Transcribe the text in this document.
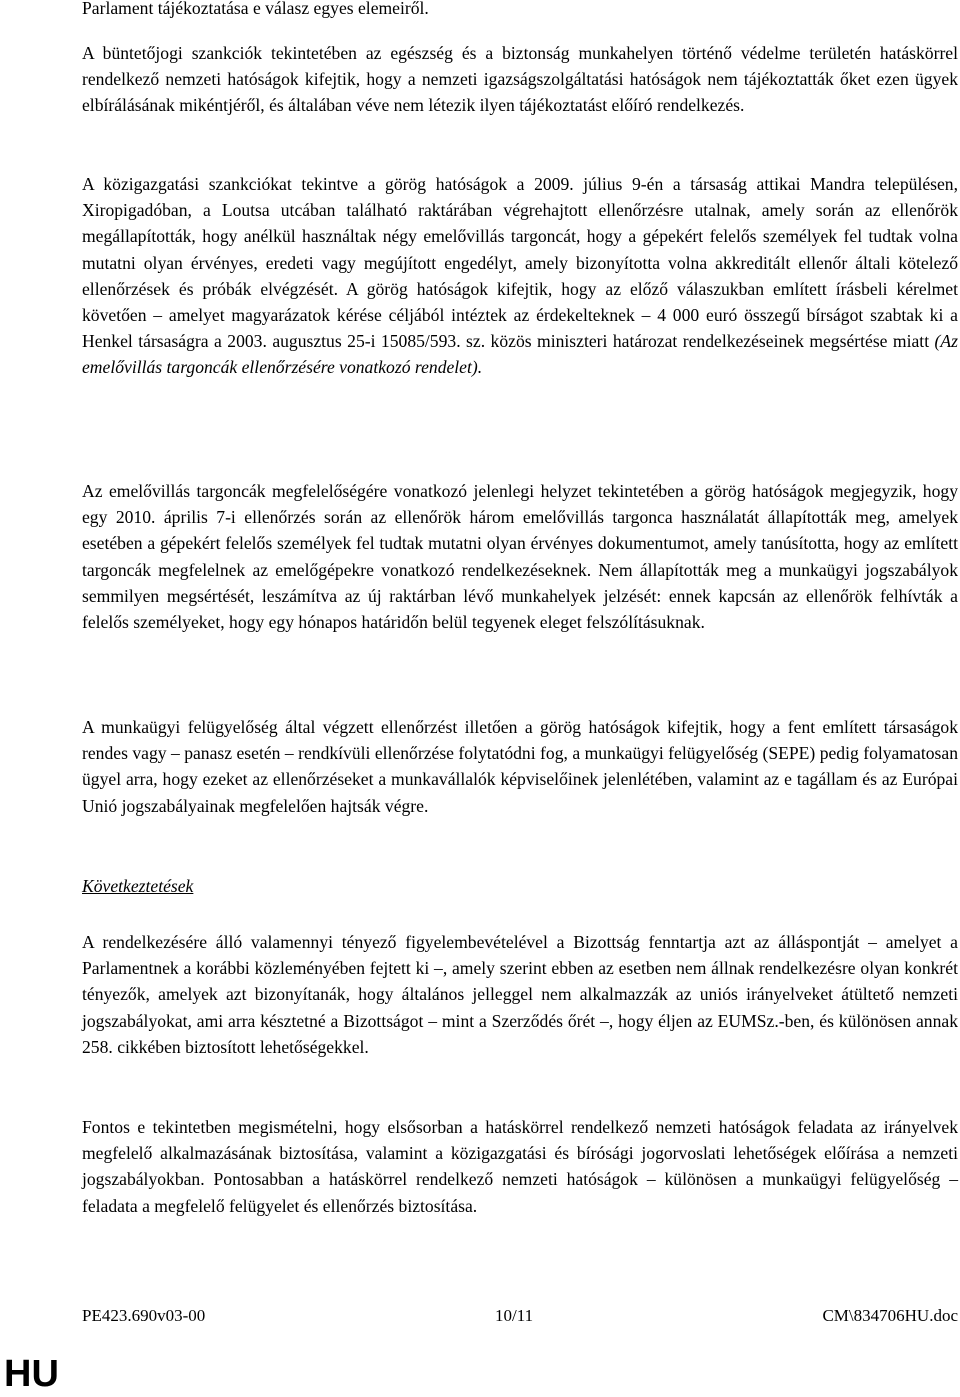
Parlament tájékoztatása e válasz egyes elemeiről.

A büntetőjogi szankciók tekintetében az egészség és a biztonság munkahelyen történő védelme területén hatáskörrel rendelkező nemzeti hatóságok kifejtik, hogy a nemzeti igazságszolgáltatási hatóságok nem tájékoztatták őket ezen ügyek elbírálásának mikéntjéről, és általában véve nem létezik ilyen tájékoztatást előíró rendelkezés.

A közigazgatási szankciókat tekintve a görög hatóságok a 2009. július 9-én a társaság attikai Mandra településen, Xiropigadóban, a Loutsa utcában található raktárában végrehajtott ellenőrzésre utalnak, amely során az ellenőrök megállapították, hogy anélkül használtak négy emelővillás targoncát, hogy a gépekért felelős személyek fel tudtak volna mutatni olyan érvényes, eredeti vagy megújított engedélyt, amely bizonyította volna akkreditált ellenőr általi kötelező ellenőrzések és próbák elvégzését. A görög hatóságok kifejtik, hogy az előző válaszukban említett írásbeli kérelmet követően – amelyet magyarázatok kérése céljából intéztek az érdekelteknek – 4 000 euró összegű bírságot szabtak ki a Henkel társaságra a 2003. augusztus 25-i 15085/593. sz. közös miniszteri határozat rendelkezéseinek megsértése miatt (Az emelővillás targoncák ellenőrzésére vonatkozó rendelet).

Az emelővillás targoncák megfelelőségére vonatkozó jelenlegi helyzet tekintetében a görög hatóságok megjegyzik, hogy egy 2010. április 7-i ellenőrzés során az ellenőrök három emelővillás targonca használatát állapították meg, amelyek esetében a gépekért felelős személyek fel tudtak mutatni olyan érvényes dokumentumot, amely tanúsította, hogy az említett targoncák megfelelnek az emelőgépekre vonatkozó rendelkezéseknek. Nem állapították meg a munkaügyi jogszabályok semmilyen megsértését, leszámítva az új raktárban lévő munkahelyek jelzését: ennek kapcsán az ellenőrök felhívták a felelős személyeket, hogy egy hónapos határidőn belül tegyenek eleget felszólításuknak.

A munkaügyi felügyelőség által végzett ellenőrzést illetően a görög hatóságok kifejtik, hogy a fent említett társaságok rendes vagy – panasz esetén – rendkívüli ellenőrzése folytatódni fog, a munkaügyi felügyelőség (SEPE) pedig folyamatosan ügyel arra, hogy ezeket az ellenőrzéseket a munkavállalók képviselőinek jelenlétében, valamint az e tagállam és az Európai Unió jogszabályainak megfelelően hajtsák végre.

Következtetések

A rendelkezésére álló valamennyi tényező figyelembevételével a Bizottság fenntartja azt az álláspontját – amelyet a Parlamentnek a korábbi közleményében fejtett ki –, amely szerint ebben az esetben nem állnak rendelkezésre olyan konkrét tényezők, amelyek azt bizonyítanák, hogy általános jelleggel nem alkalmazzák az uniós irányelveket átültető nemzeti jogszabályokat, ami arra késztetné a Bizottságot – mint a Szerződés őrét –, hogy éljen az EUMSz.-ben, és különösen annak 258. cikkében biztosított lehetőségekkel.

Fontos e tekintetben megismételni, hogy elsősorban a hatáskörrel rendelkező nemzeti hatóságok feladata az irányelvek megfelelő alkalmazásának biztosítása, valamint a közigazgatási és bírósági jogorvoslati lehetőségek előírása a nemzeti jogszabályokban. Pontosabban a hatáskörrel rendelkező nemzeti hatóságok – különösen a munkaügyi felügyelőség – feladata a megfelelő felügyelet és ellenőrzés biztosítása.

PE423.690v03-00	10/11	CM\834706HU.doc
HU
